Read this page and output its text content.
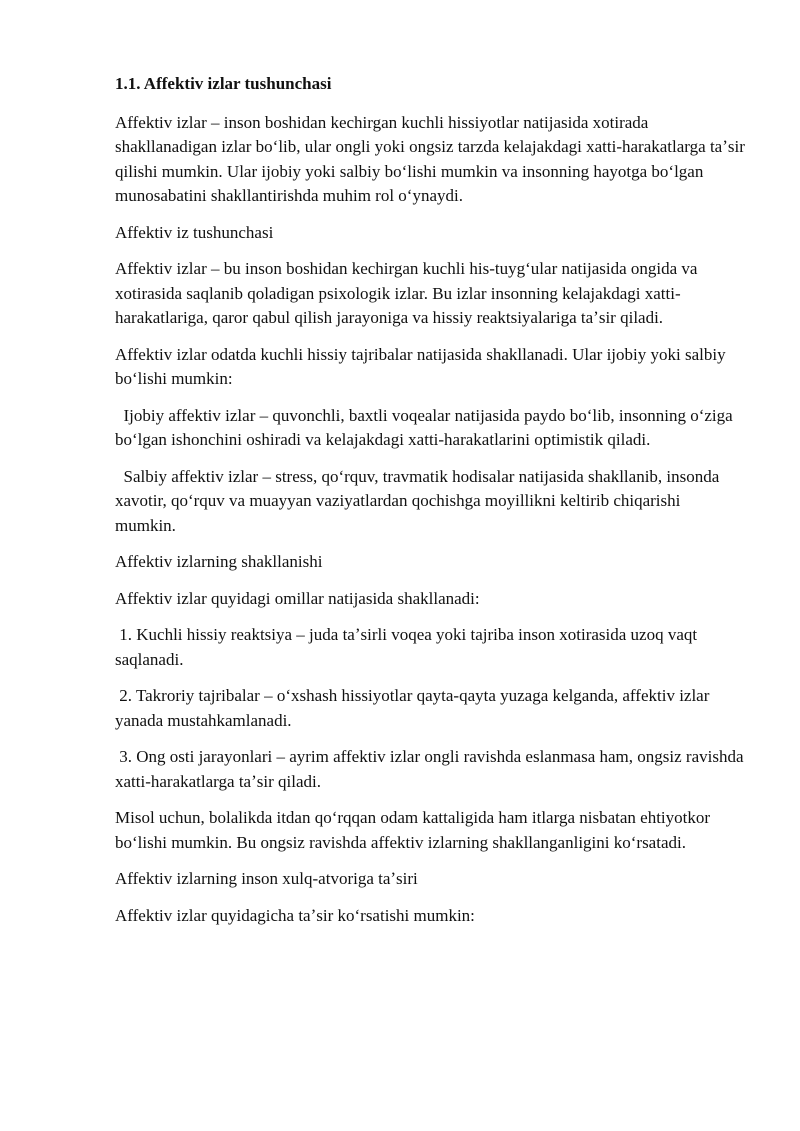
1.1. Affektiv izlar tushunchasi

Affektiv izlar – inson boshidan kechirgan kuchli hissiyotlar natijasida xotirada shakllanadigan izlar boʻlib, ular ongli yoki ongsiz tarzda kelajakdagi xatti-harakatlarga taʼsir qilishi mumkin. Ular ijobiy yoki salbiy boʻlishi mumkin va insonning hayotga boʻlgan munosabatini shakllantirishda muhim rol oʻynaydi.

Affektiv iz tushunchasi

Affektiv izlar – bu inson boshidan kechirgan kuchli his-tuygʻular natijasida ongida va xotirasida saqlanib qoladigan psixologik izlar. Bu izlar insonning kelajakdagi xatti-harakatlariga, qaror qabul qilish jarayoniga va hissiy reaktsiyalariga taʼsir qiladi.

Affektiv izlar odatda kuchli hissiy tajribalar natijasida shakllanadi. Ular ijobiy yoki salbiy boʻlishi mumkin:

Ijobiy affektiv izlar – quvonchli, baxtli voqealar natijasida paydo boʻlib, insonning oʻziga boʻlgan ishonchini oshiradi va kelajakdagi xatti-harakatlarini optimistik qiladi.

Salbiy affektiv izlar – stress, qoʻrquv, travmatik hodisalar natijasida shakllanib, insonda xavotir, qoʻrquv va muayyan vaziyatlardan qochishga moyillikni keltirib chiqarishi mumkin.

Affektiv izlarning shakllanishi

Affektiv izlar quyidagi omillar natijasida shakllanadi:

1. Kuchli hissiy reaktsiya – juda taʼsirli voqea yoki tajriba inson xotirasida uzoq vaqt saqlanadi.

2. Takroriy tajribalar – oʻxshash hissiyotlar qayta-qayta yuzaga kelganda, affektiv izlar yanada mustahkamlanadi.

3. Ong osti jarayonlari – ayrim affektiv izlar ongli ravishda eslanmasa ham, ongsiz ravishda xatti-harakatlarga taʼsir qiladi.

Misol uchun, bolalikda itdan qoʻrqqan odam kattaligida ham itlarga nisbatan ehtiyotkor boʻlishi mumkin. Bu ongsiz ravishda affektiv izlarning shakllanganligini koʻrsatadi.

Affektiv izlarning inson xulq-atvoriga taʼsiri

Affektiv izlar quyidagicha taʼsir koʻrsatishi mumkin:
